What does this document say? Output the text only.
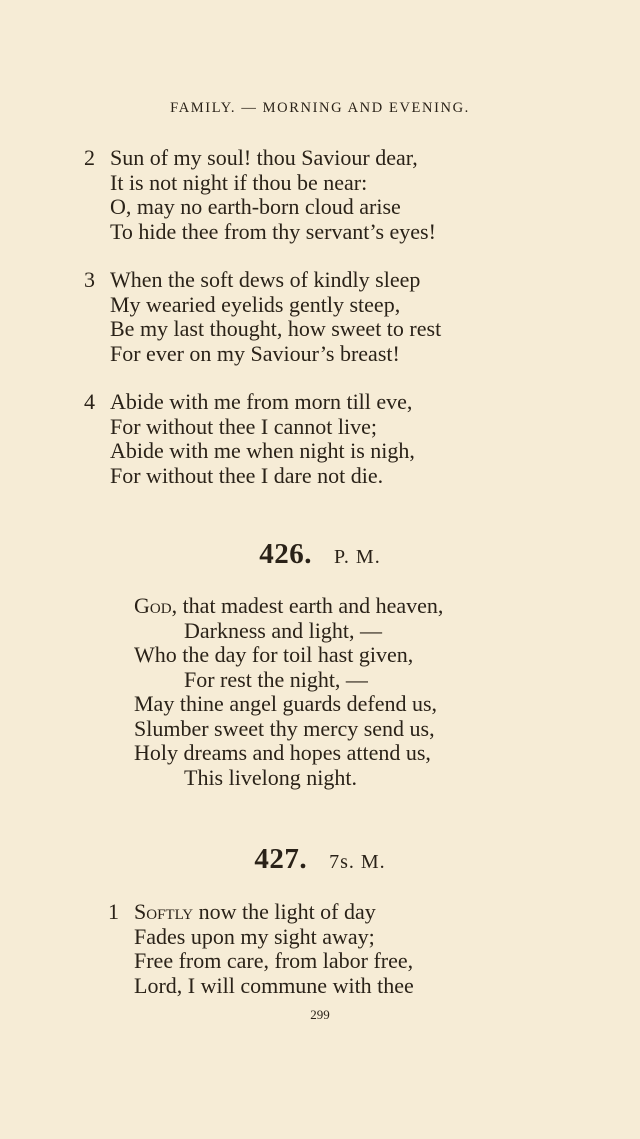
FAMILY. — MORNING AND EVENING.
2 Sun of my soul! thou Saviour dear,
It is not night if thou be near:
O, may no earth-born cloud arise
To hide thee from thy servant’s eyes!
3 When the soft dews of kindly sleep
My wearied eyelids gently steep,
Be my last thought, how sweet to rest
For ever on my Saviour’s breast!
4 Abide with me from morn till eve,
For without thee I cannot live;
Abide with me when night is nigh,
For without thee I dare not die.
426. P. M.
God, that madest earth and heaven,
Darkness and light, —
Who the day for toil hast given,
For rest the night, —
May thine angel guards defend us,
Slumber sweet thy mercy send us,
Holy dreams and hopes attend us,
This livelong night.
427. 7s. M.
1 Softly now the light of day
Fades upon my sight away;
Free from care, from labor free,
Lord, I will commune with thee
299
